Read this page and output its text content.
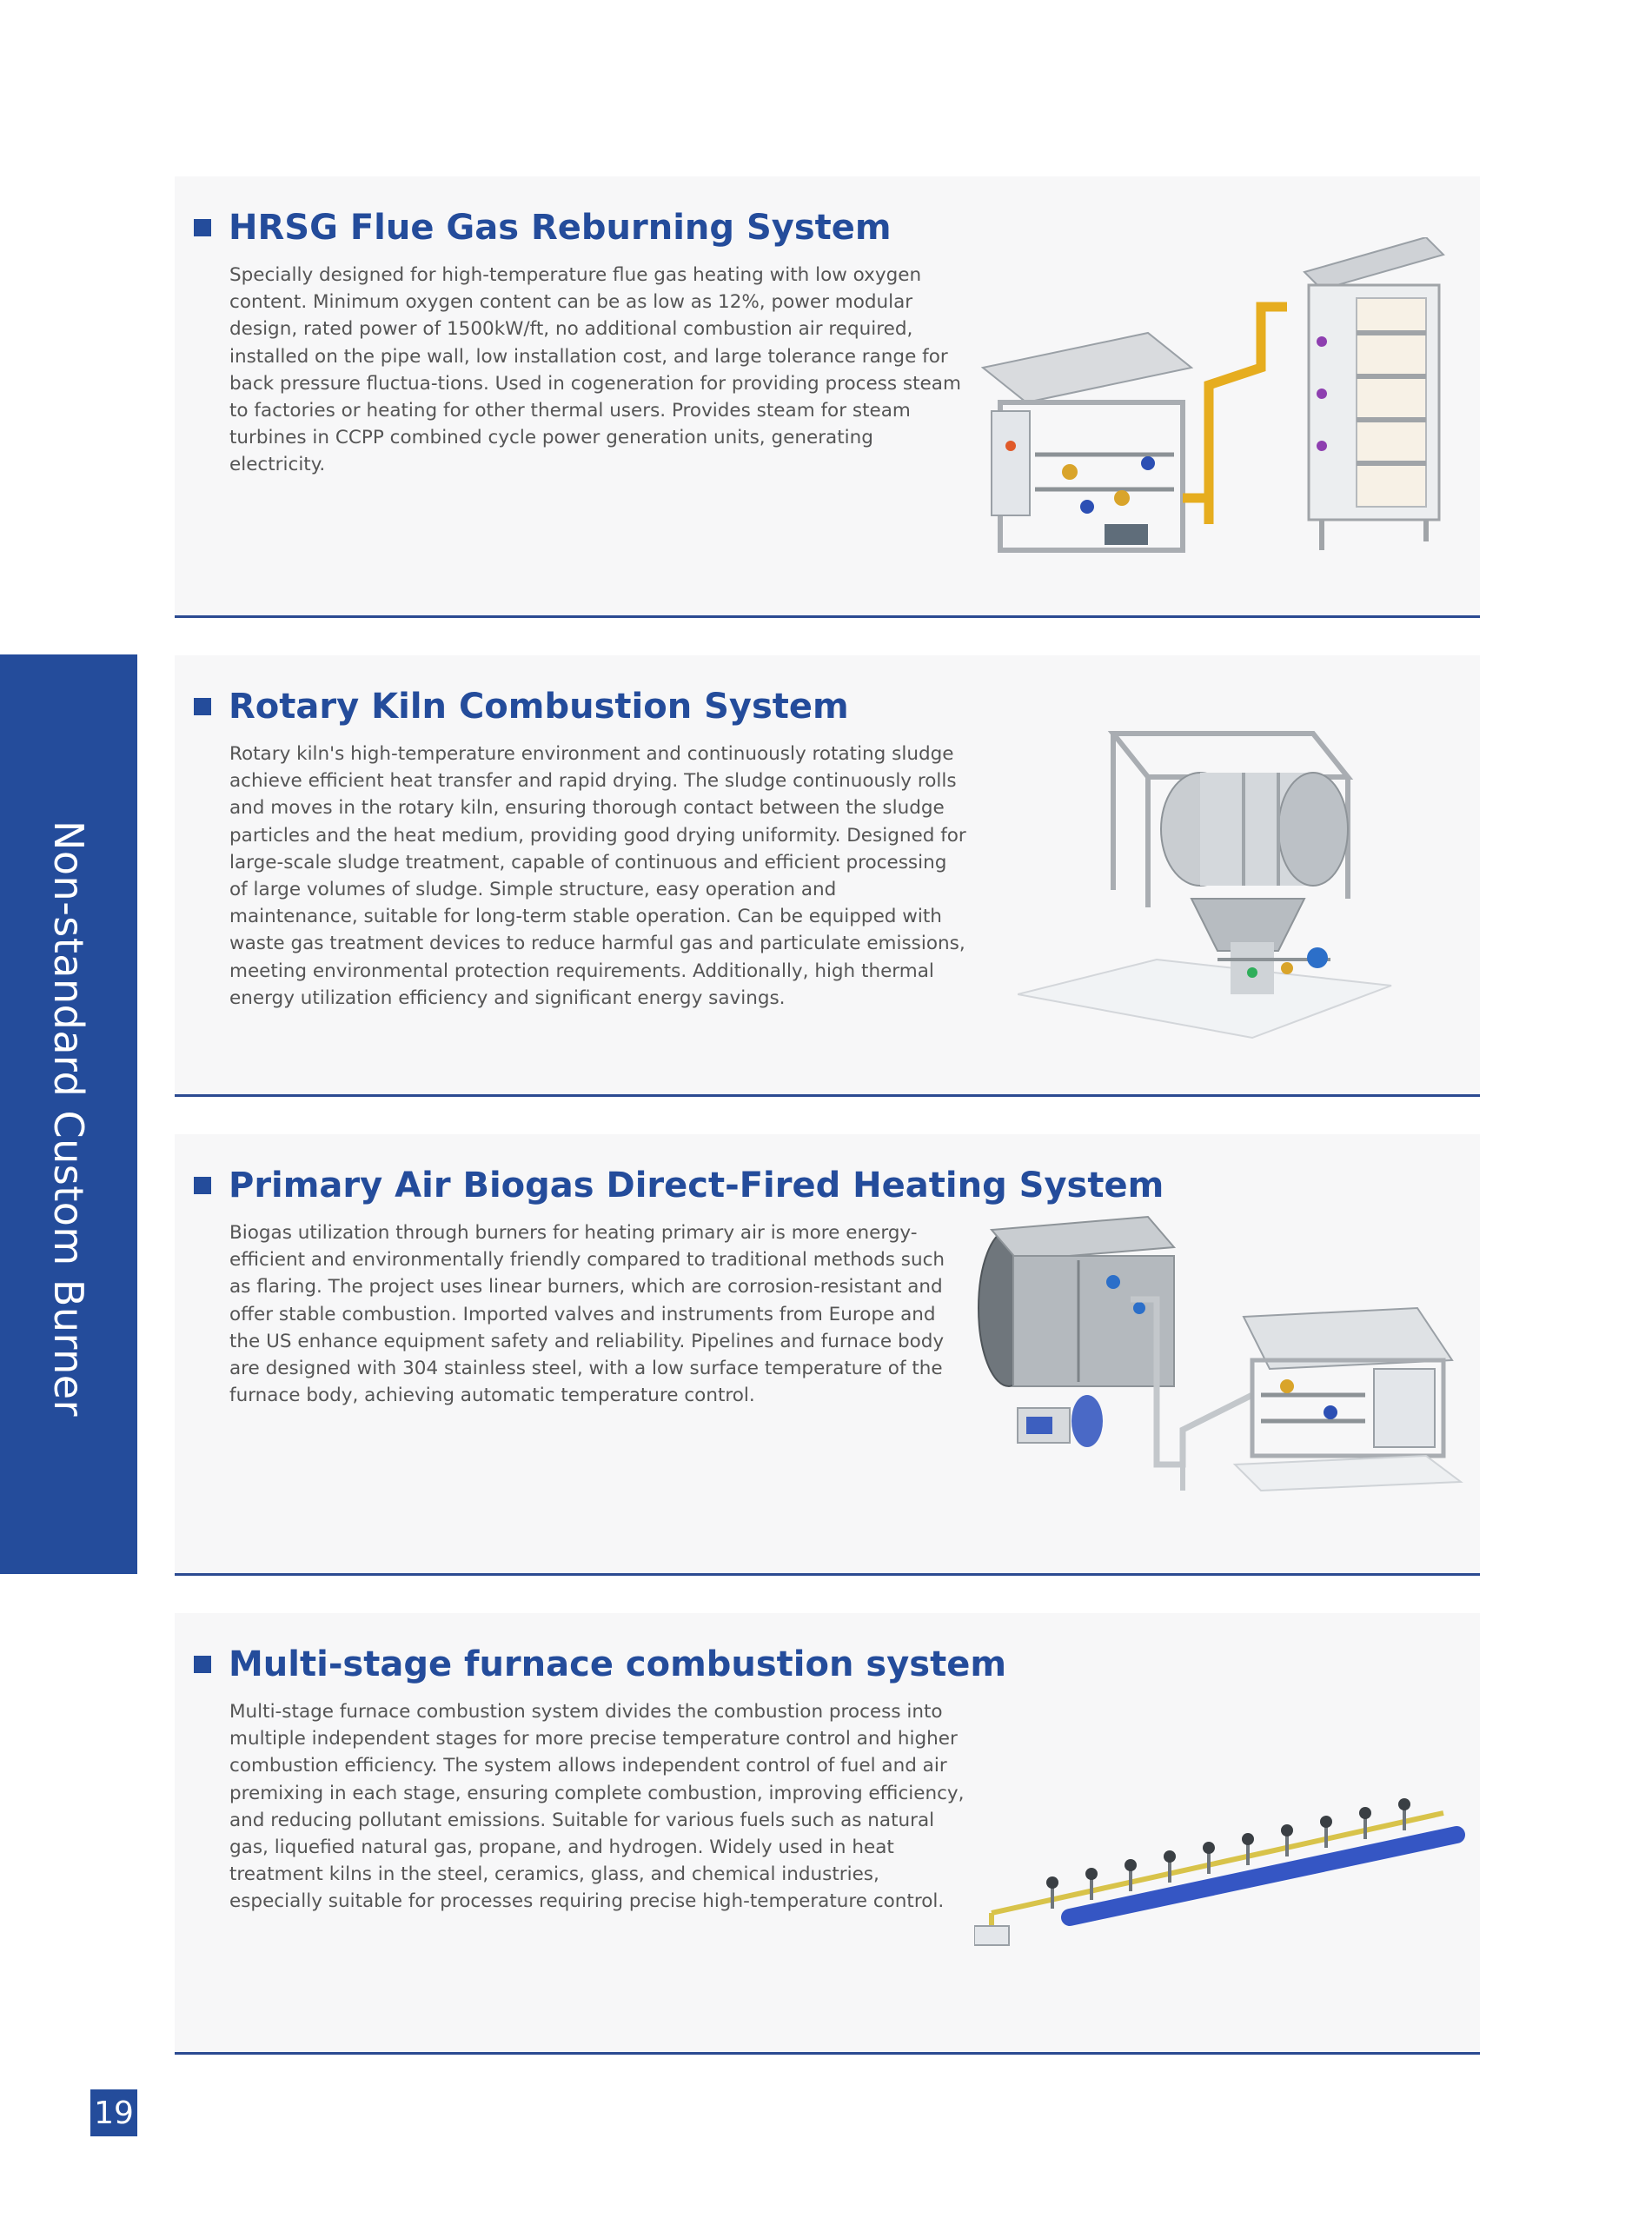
Non-standard Custom Burner
19
HRSG Flue Gas Reburning System
Specially designed for high-temperature flue gas heating with low oxygen content. Minimum oxygen content can be as low as 12%, power modular design, rated power of 1500kW/ft, no additional combustion air required, installed on the pipe wall, low installation cost, and large tolerance range for back pressure fluctua-tions. Used in cogeneration for providing process steam to factories or heating for other thermal users. Provides steam for steam turbines in CCPP combined cycle power generation units, generating electricity.
Rotary Kiln Combustion System
Rotary kiln's high-temperature environment and continuously rotating sludge achieve efficient heat transfer and rapid drying. The sludge continuously rolls and moves in the rotary kiln, ensuring thorough contact between the sludge particles and the heat medium, providing good drying uniformity. Designed for large-scale sludge treatment, capable of continuous and efficient processing of large volumes of sludge. Simple structure, easy operation and maintenance, suitable for long-term stable operation. Can be equipped with waste gas treatment devices to reduce harmful gas and particulate emissions, meeting environmental protection requirements. Additionally, high thermal energy utilization efficiency and significant energy savings.
Primary Air Biogas Direct-Fired Heating System
Biogas utilization through burners for heating primary air is more energy-efficient and environmentally friendly compared to traditional methods such as flaring. The project uses linear burners, which are corrosion-resistant and offer stable combustion. Imported valves and instruments from Europe and the US enhance equipment safety and reliability. Pipelines and furnace body are designed with 304 stainless steel, with a low surface temperature of the furnace body, achieving automatic temperature control.
Multi-stage furnace combustion system
Multi-stage furnace combustion system divides the combustion process into multiple independent stages for more precise temperature control and higher combustion efficiency. The system allows independent control of fuel and air premixing in each stage, ensuring complete combustion, improving efficiency, and reducing pollutant emissions. Suitable for various fuels such as natural gas, liquefied natural gas, propane, and hydrogen. Widely used in heat treatment kilns in the steel, ceramics, glass, and chemical industries, especially suitable for processes requiring precise high-temperature control.
